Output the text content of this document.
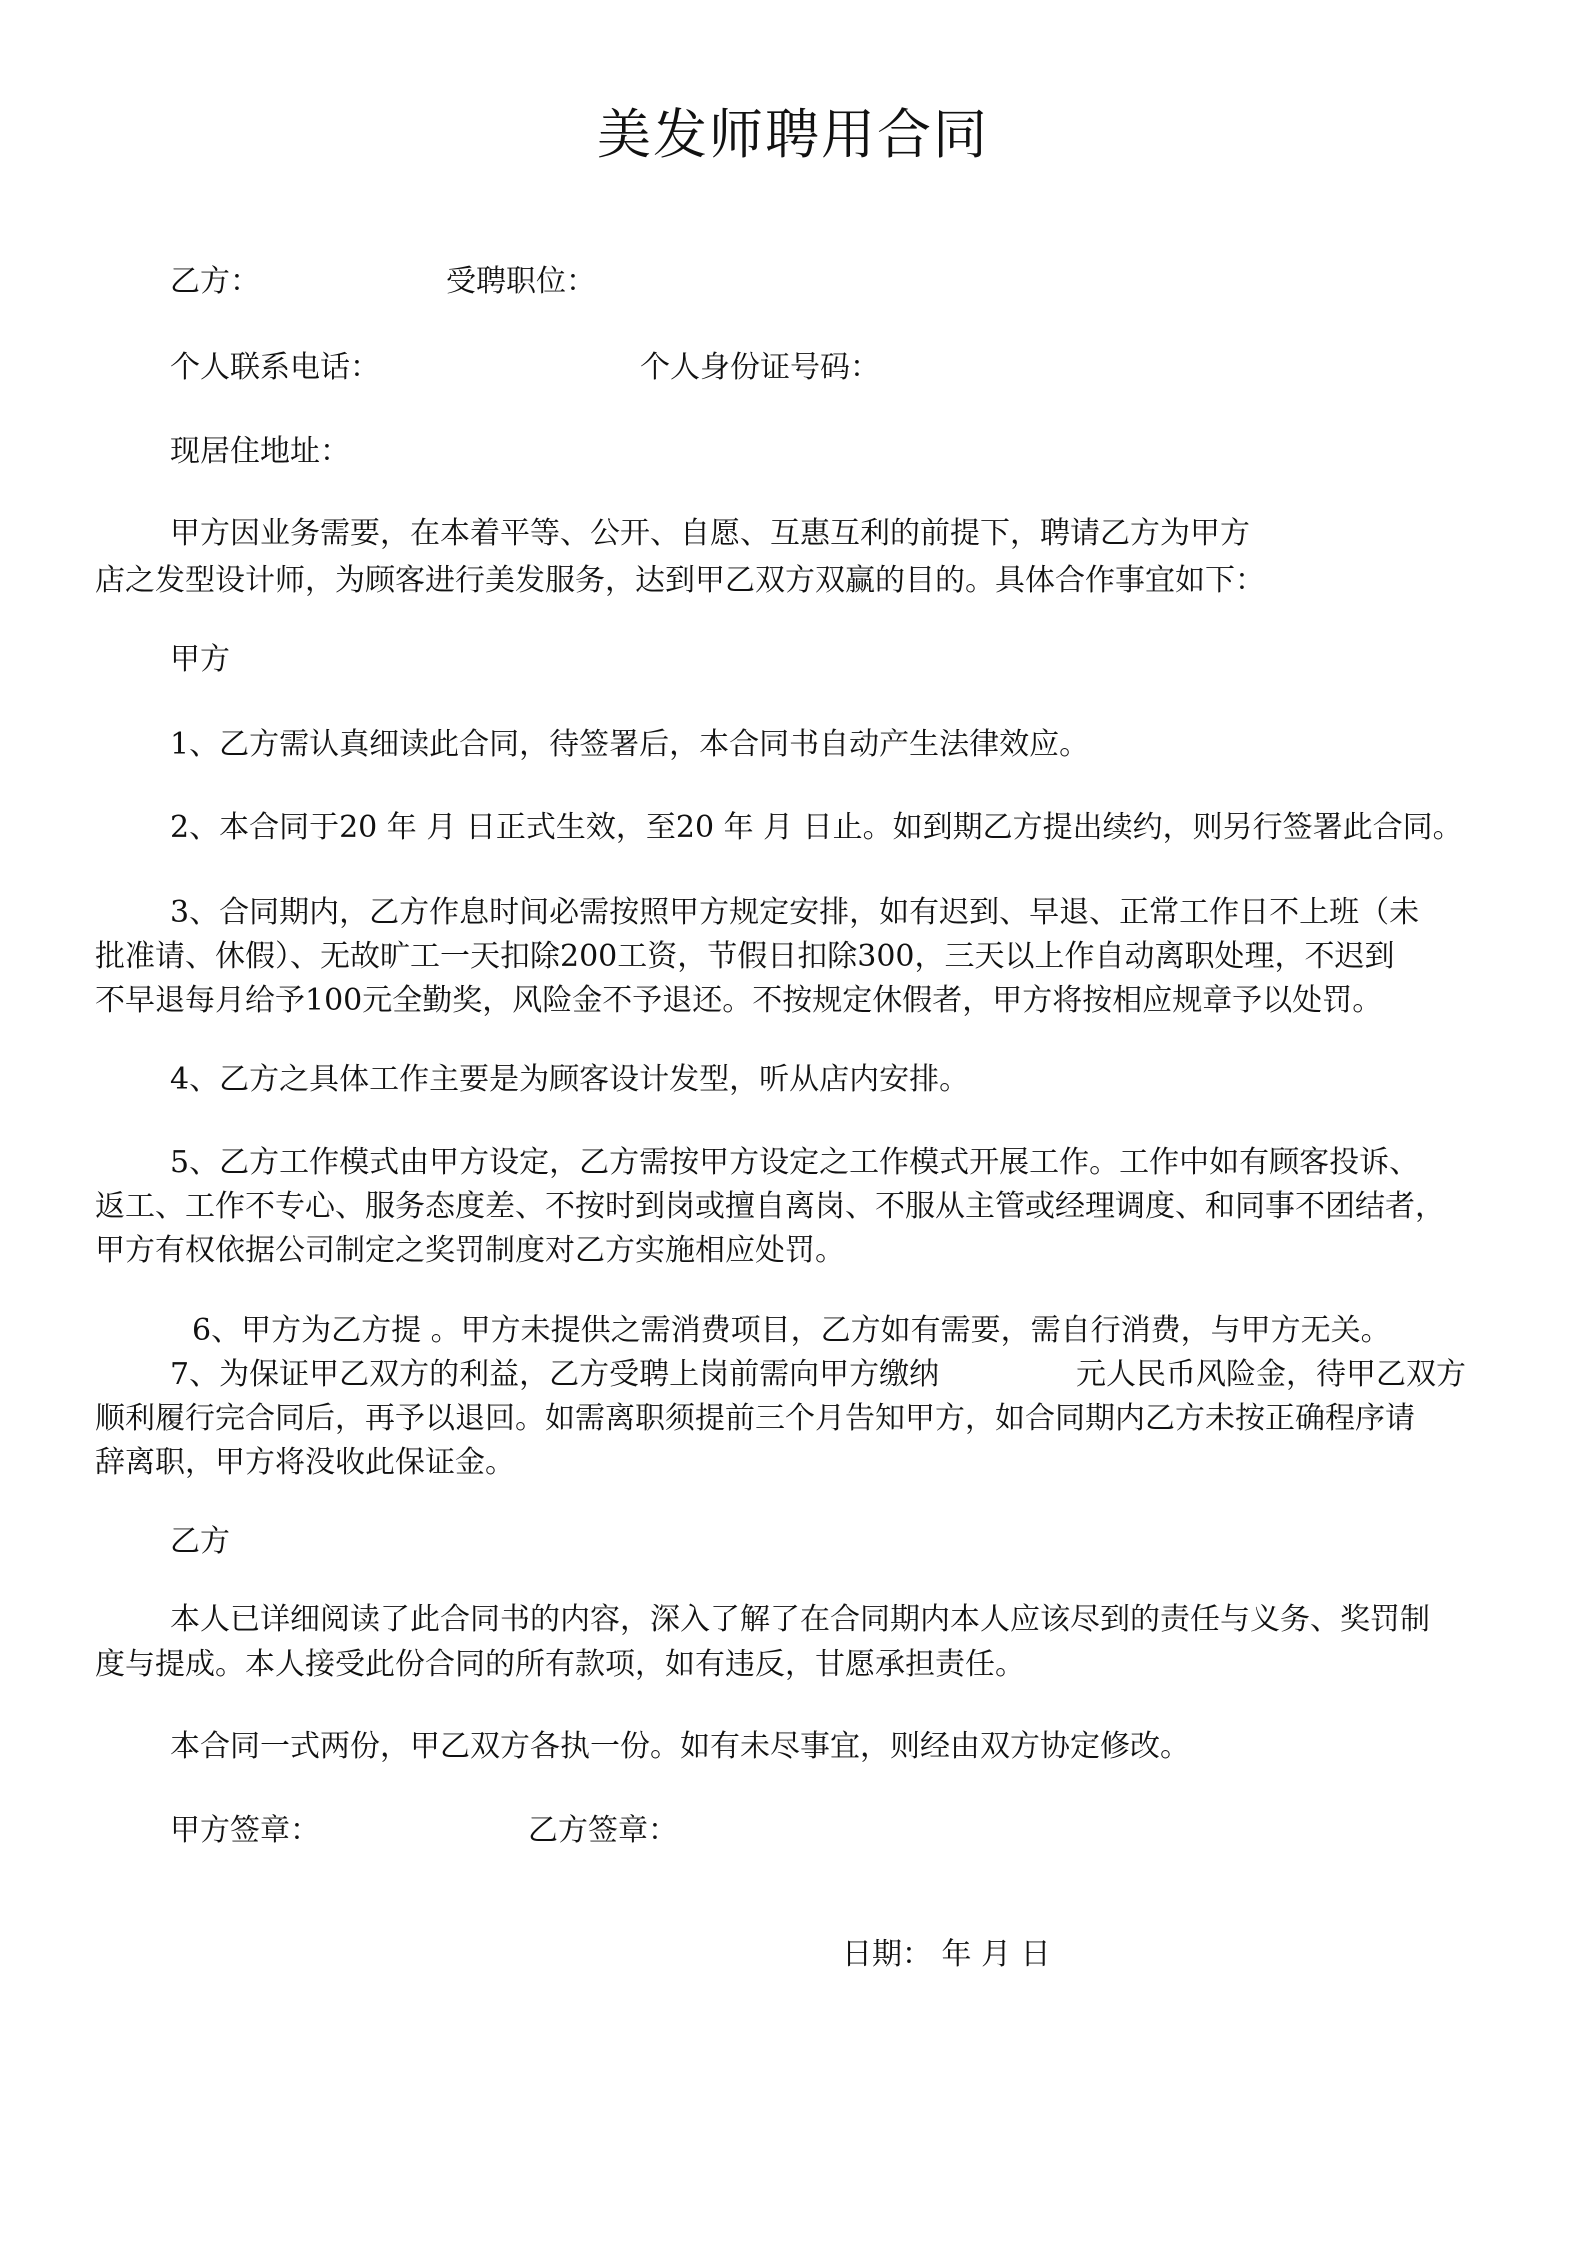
美发师聘用合同
乙方：	受聘职位：
个人联系电话：	个人身份证号码：
现居住地址：
甲方因业务需要，在本着平等、公开、自愿、互惠互利的前提下，聘请乙方为甲方
店之发型设计师，为顾客进行美发服务，达到甲乙双方双赢的目的。具体合作事宜如下：
甲方
1、乙方需认真细读此合同，待签署后，本合同书自动产生法律效应。
2、本合同于20 年 月 日正式生效，至20 年 月 日止。如到期乙方提出续约，则另行签署此合同。
3、合同期内，乙方作息时间必需按照甲方规定安排，如有迟到、早退、正常工作日不上班（未
批准请、休假）、无故旷工一天扣除200工资，节假日扣除300，三天以上作自动离职处理，不迟到
不早退每月给予100元全勤奖，风险金不予退还。不按规定休假者，甲方将按相应规章予以处罚。
4、乙方之具体工作主要是为顾客设计发型，听从店内安排。
5、乙方工作模式由甲方设定，乙方需按甲方设定之工作模式开展工作。工作中如有顾客投诉、
返工、工作不专心、服务态度差、不按时到岗或擅自离岗、不服从主管或经理调度、和同事不团结者，
甲方有权依据公司制定之奖罚制度对乙方实施相应处罚。
6、甲方为乙方提 。甲方未提供之需消费项目，乙方如有需要，需自行消费，与甲方无关。
7、为保证甲乙双方的利益，乙方受聘上岗前需向甲方缴纳	元人民币风险金，待甲乙双方
顺利履行完合同后，再予以退回。如需离职须提前三个月告知甲方，如合同期内乙方未按正确程序请
辞离职，甲方将没收此保证金。
乙方
本人已详细阅读了此合同书的内容，深入了解了在合同期内本人应该尽到的责任与义务、奖罚制
度与提成。本人接受此份合同的所有款项，如有违反，甘愿承担责任。
本合同一式两份，甲乙双方各执一份。如有未尽事宜，则经由双方协定修改。
甲方签章：	乙方签章：
日期： 年 月 日
